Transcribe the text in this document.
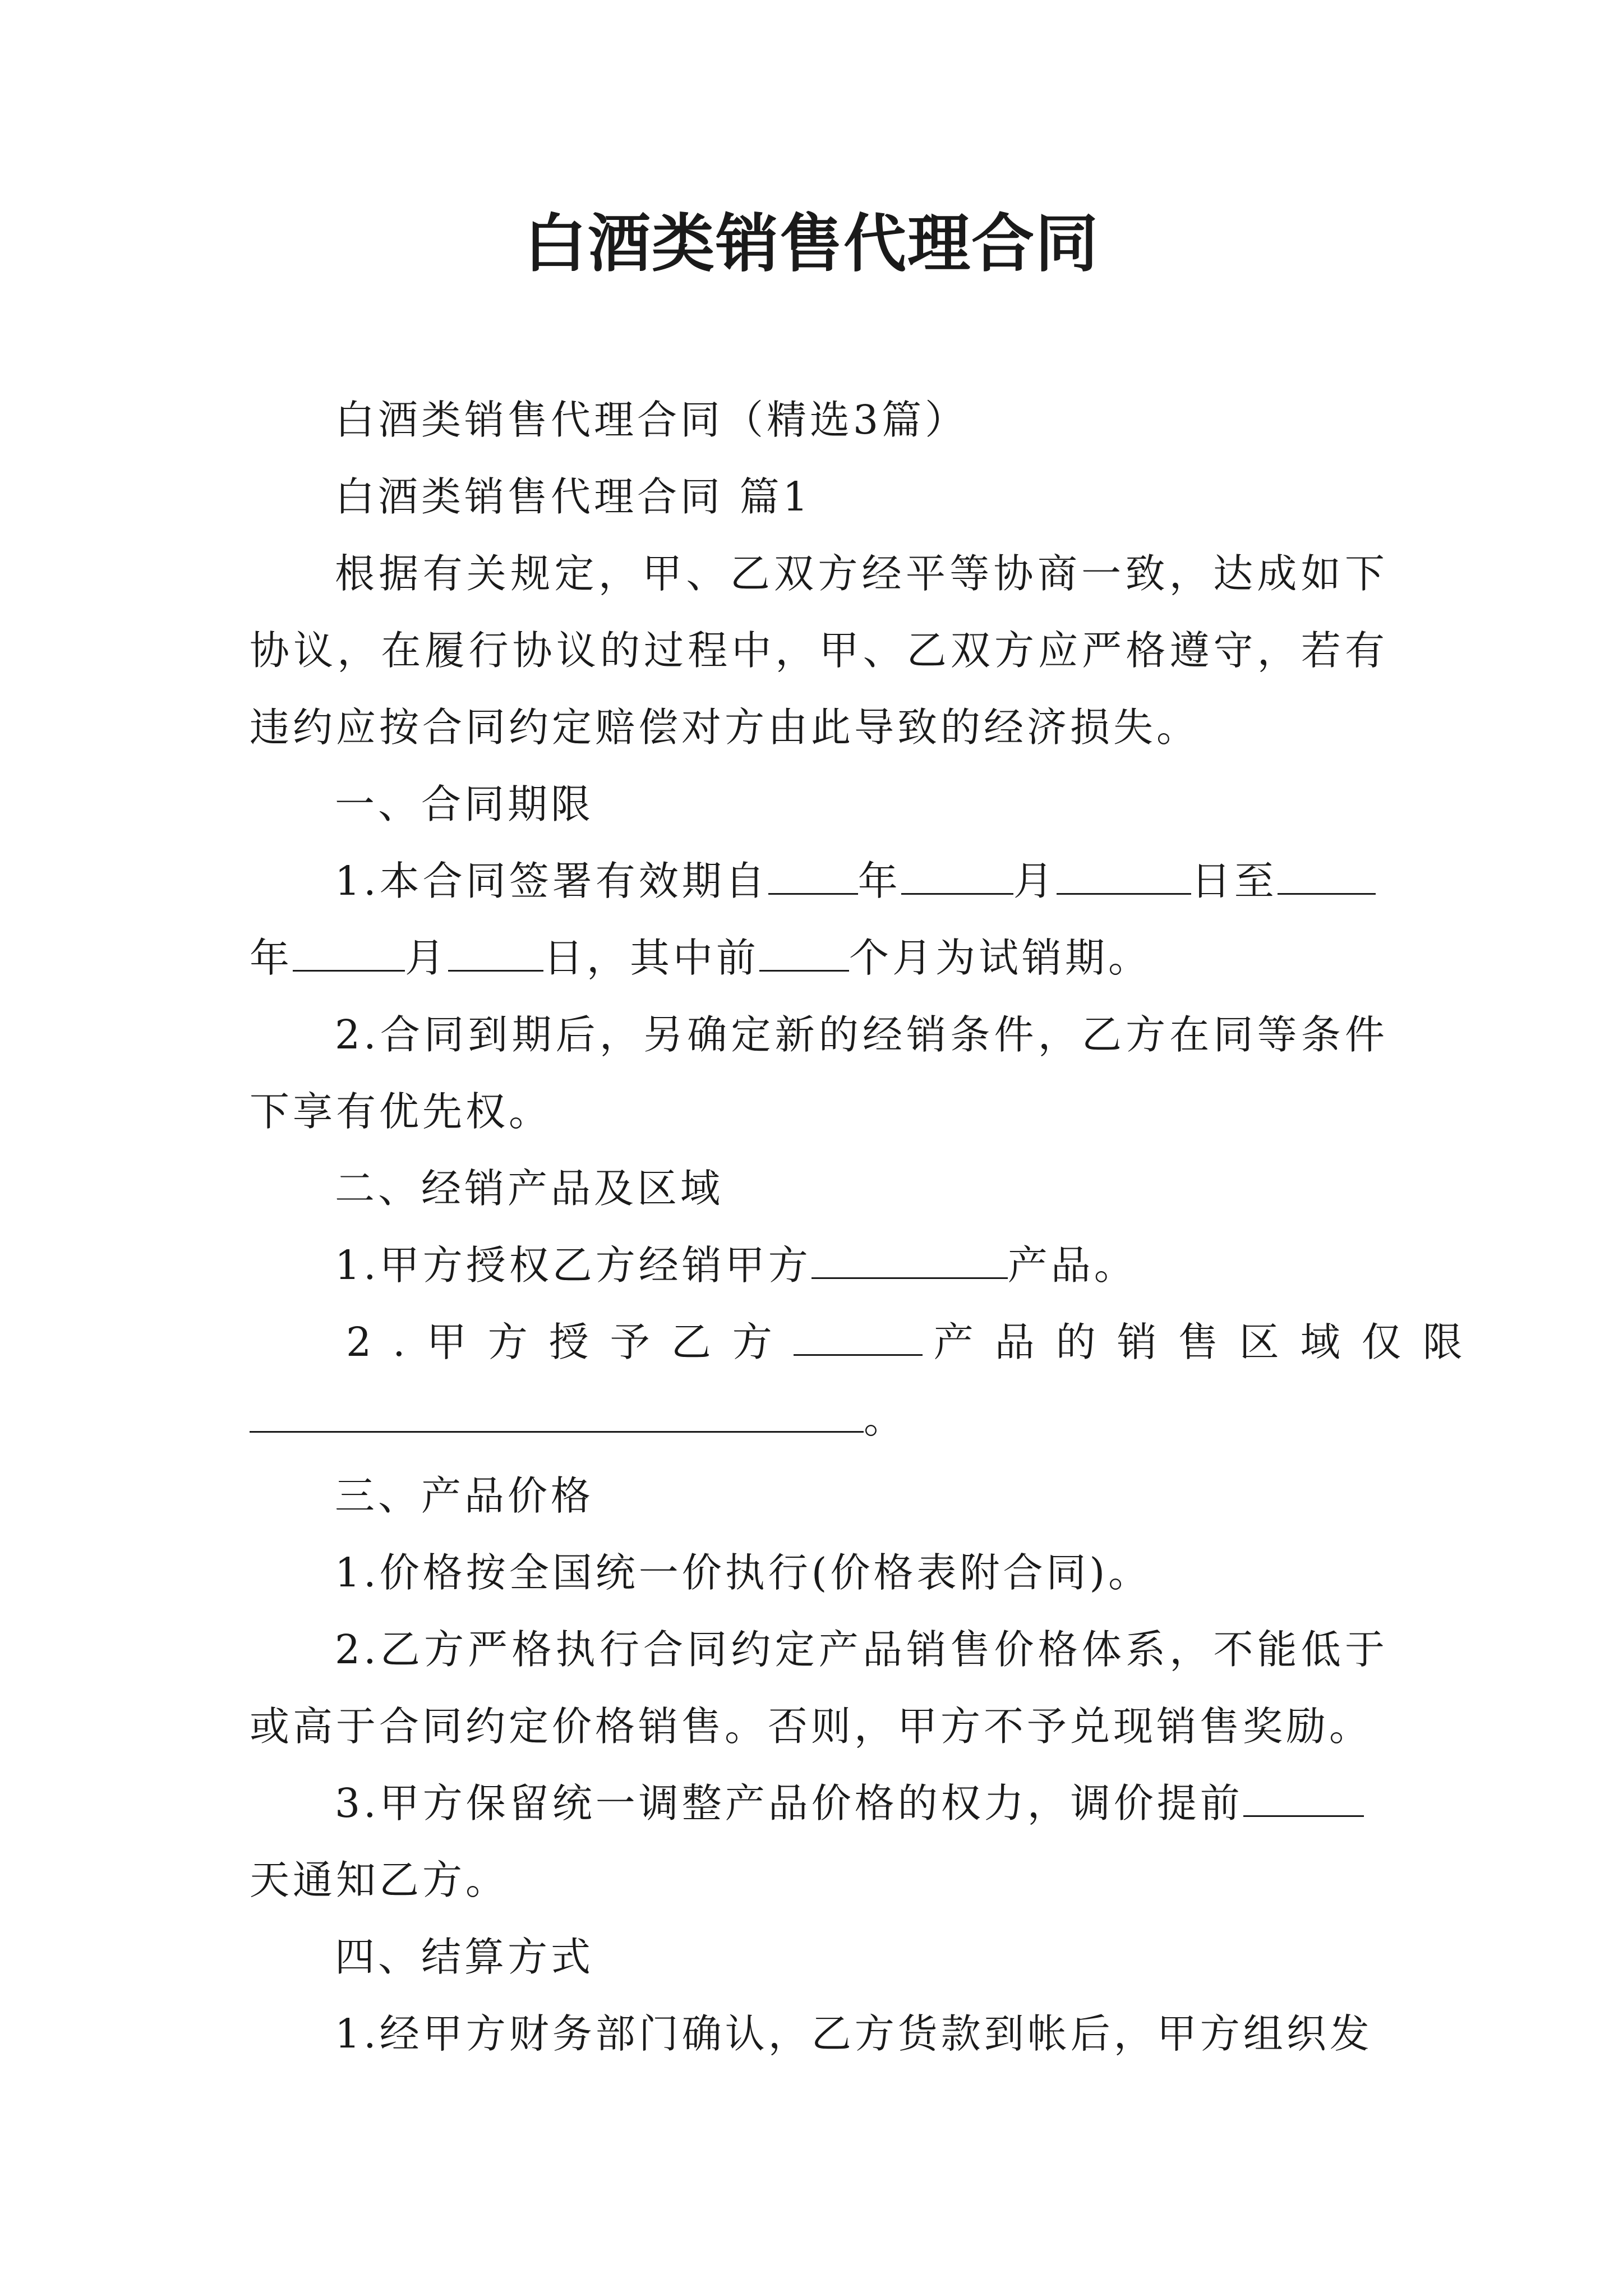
白酒类销售代理合同

白酒类销售代理合同（精选3篇）

白酒类销售代理合同 篇1

根据有关规定，甲、乙双方经平等协商一致，达成如下协议，在履行协议的过程中，甲、乙双方应严格遵守，若有违约应按合同约定赔偿对方由此导致的经济损失。

一、合同期限

1.本合同签署有效期自 年	月	日至
年	月 日，其中前 个月为试销期。

2.合同到期后，另确定新的经销条件，乙方在同等条件下享有优先权。

二、经销产品及区域

1.甲方授权乙方经销甲方	产品。
2.甲方授予乙方	产品的销售区域仅限
。

三、产品价格

1.价格按全国统一价执行(价格表附合同)。

2.乙方严格执行合同约定产品销售价格体系，不能低于或高于合同约定价格销售。否则，甲方不予兑现销售奖励。

3.甲方保留统一调整产品价格的权力，调价提前
天通知乙方。

四、结算方式

1.经甲方财务部门确认，乙方货款到帐后，甲方组织发
